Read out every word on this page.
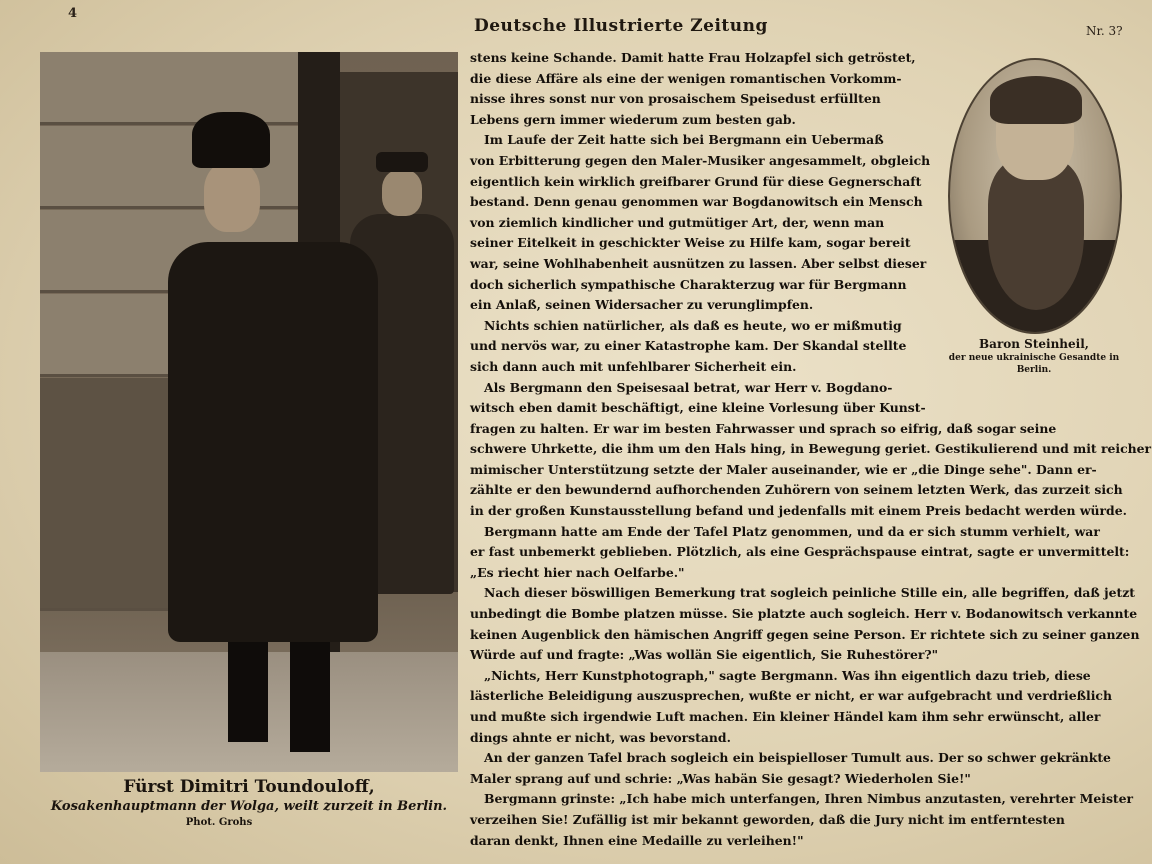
4
Deutsche Illustrierte Zeitung	Nr. 3?
Fürst Dimitri Toundouloff,
Kosakenhauptmann der Wolga, weilt zurzeit in Berlin.
Phot. Grohs
Baron Steinheil,
der neue ukrainische Gesandte in
Berlin.
stens keine Schande. Damit hatte Frau Holzapfel sich getröstet,
die diese Affäre als eine der wenigen romantischen Vorkomm-
nisse ihres sonst nur von prosaischem Speisedust erfüllten
Lebens gern immer wiederum zum besten gab.
Im Laufe der Zeit hatte sich bei Bergmann ein Uebermaß
von Erbitterung gegen den Maler-Musiker angesammelt, obgleich
eigentlich kein wirklich greifbarer Grund für diese Gegnerschaft
bestand. Denn genau genommen war Bogdanowitsch ein Mensch
von ziemlich kindlicher und gutmütiger Art, der, wenn man
seiner Eitelkeit in geschickter Weise zu Hilfe kam, sogar bereit
war, seine Wohlhabenheit ausnützen zu lassen. Aber selbst dieser
doch sicherlich sympathische Charakterzug war für Bergmann
ein Anlaß, seinen Widersacher zu verunglimpfen.
Nichts schien natürlicher, als daß es heute, wo er mißmutig
und nervös war, zu einer Katastrophe kam. Der Skandal stellte
sich dann auch mit unfehlbarer Sicherheit ein.
Als Bergmann den Speisesaal betrat, war Herr v. Bogdano-
witsch eben damit beschäftigt, eine kleine Vorlesung über Kunst-
fragen zu halten. Er war im besten Fahrwasser und sprach so eifrig, daß sogar seine
schwere Uhrkette, die ihm um den Hals hing, in Bewegung geriet. Gestikulierend und mit reicher
mimischer Unterstützung setzte der Maler auseinander, wie er „die Dinge sehe". Dann er-
zählte er den bewundernd aufhorchenden Zuhörern von seinem letzten Werk, das zurzeit sich
in der großen Kunstausstellung befand und jedenfalls mit einem Preis bedacht werden würde.
Bergmann hatte am Ende der Tafel Platz genommen, und da er sich stumm verhielt, war
er fast unbemerkt geblieben. Plötzlich, als eine Gesprächspause eintrat, sagte er unvermittelt:
„Es riecht hier nach Oelfarbe."
Nach dieser böswilligen Bemerkung trat sogleich peinliche Stille ein, alle begriffen, daß jetzt
unbedingt die Bombe platzen müsse. Sie platzte auch sogleich. Herr v. Bodanowitsch verkannte
keinen Augenblick den hämischen Angriff gegen seine Person. Er richtete sich zu seiner ganzen
Würde auf und fragte: „Was wollän Sie eigentlich, Sie Ruhestörer?"
„Nichts, Herr Kunstphotograph," sagte Bergmann. Was ihn eigentlich dazu trieb, diese
lästerliche Beleidigung auszusprechen, wußte er nicht, er war aufgebracht und verdrießlich
und mußte sich irgendwie Luft machen. Ein kleiner Händel kam ihm sehr erwünscht, aller
dings ahnte er nicht, was bevorstand.
An der ganzen Tafel brach sogleich ein beispielloser Tumult aus. Der so schwer gekränkte
Maler sprang auf und schrie: „Was habän Sie gesagt? Wiederholen Sie!"
Bergmann grinste: „Ich habe mich unterfangen, Ihren Nimbus anzutasten, verehrter Meister
verzeihen Sie! Zufällig ist mir bekannt geworden, daß die Jury nicht im entferntesten
daran denkt, Ihnen eine Medaille zu verleihen!"
